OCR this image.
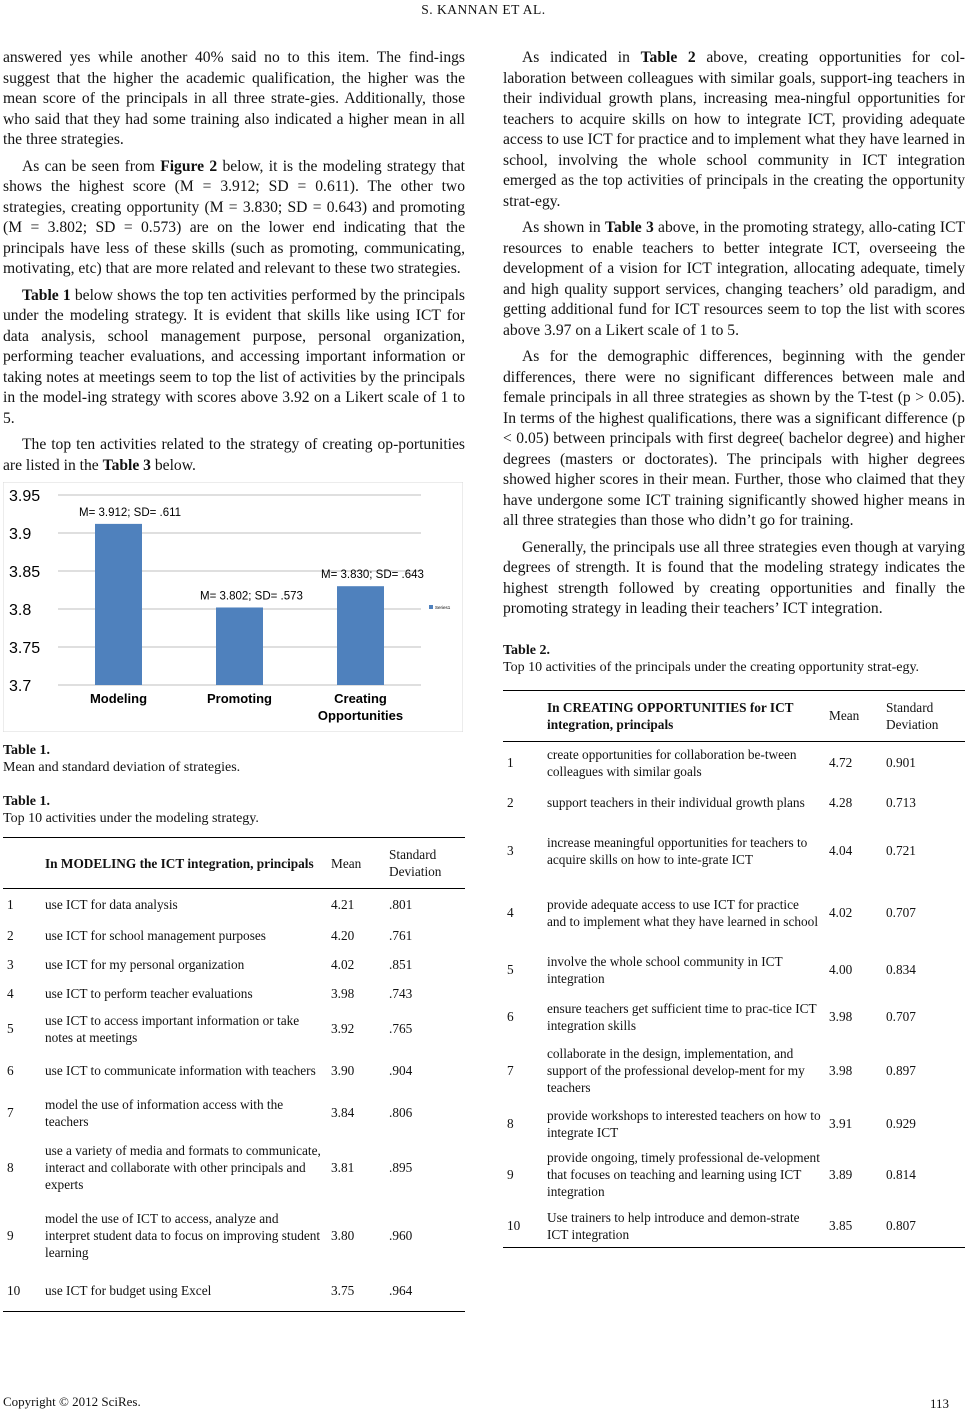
S. KANNAN ET AL.

answered yes while another 40% said no to this item. The find-ings suggest that the higher the academic qualification, the higher was the mean score of the principals in all three strate-gies. Additionally, those who said that they had some training also indicated a higher mean in all the three strategies.

As can be seen from Figure 2 below, it is the modeling strategy that shows the highest score (M = 3.912; SD = 0.611). The other two strategies, creating opportunity (M = 3.830; SD = 0.643) and promoting (M = 3.802; SD = 0.573) are on the lower end indicating that the principals have less of these skills (such as promoting, communicating, motivating, etc) that are more related and relevant to these two strategies.

Table 1 below shows the top ten activities performed by the principals under the modeling strategy. It is evident that skills like using ICT for data analysis, school management purpose, personal organization, performing teacher evaluations, and accessing important information or taking notes at meetings seem to top the list of activities by the principals in the model-ing strategy with scores above 3.92 on a Likert scale of 1 to 5.

The top ten activities related to the strategy of creating op-portunities are listed in the Table 3 below.

3.95
3.9
3.85
3.8
3.75
3.7
M= 3.912; SD= .611
Modeling
M= 3.802; SD= .573
Promoting
M= 3.830; SD= .643
Creating
Opportunities
Series1
Table 1.
Mean and standard deviation of strategies.
Table 1.
Top 10 activities under the modeling strategy.
	In MODELING the ICT integration, principals	Mean	Standard Deviation
1	use ICT for data analysis	4.21	.801
2	use ICT for school management purposes	4.20	.761
3	use ICT for my personal organization	4.02	.851
4	use ICT to perform teacher evaluations	3.98	.743
5	use ICT to access important information or take notes at meetings	3.92	.765
6	use ICT to communicate information with teachers	3.90	.904
7	model the use of information access with the teachers	3.84	.806
8	use a variety of media and formats to communicate, interact and collaborate with other principals and experts	3.81	.895
9	model the use of ICT to access, analyze and interpret student data to focus on improving student learning	3.80	.960
10	use ICT for budget using Excel	3.75	.964

As indicated in Table 2 above, creating opportunities for col-laboration between colleagues with similar goals, support-ing teachers in their individual growth plans, increasing mea-ningful opportunities for teachers to acquire skills on how to integrate ICT, providing adequate access to use ICT for practice and to implement what they have learned in school, involving the whole school community in ICT integration emerged as the top activities of principals in the creating the opportunity strat-egy.

As shown in Table 3 above, in the promoting strategy, allo-cating ICT resources to enable teachers to better integrate ICT, overseeing the development of a vision for ICT integration, allocating adequate, timely and high quality support services, changing teachers’ old paradigm, and getting additional fund for ICT resources seem to top the list with scores above 3.97 on a Likert scale of 1 to 5.

As for the demographic differences, beginning with the gender differences, there were no significant differences between male and female principals in all three strategies as shown by the T-test (p > 0.05). In terms of the highest qualifications, there was a significant difference (p < 0.05) between principals with first degree( bachelor degree) and higher degrees (masters or doctorates). The principals with higher degrees showed higher scores in their mean. Further, those who claimed that they have undergone some ICT training significantly showed higher means in all three strategies than those who didn’t go for training.

Generally, the principals use all three strategies even though at varying degrees of strength. It is found that the modeling strategy indicates the highest strength followed by creating opportunities and finally the promoting strategy in leading their teachers’ ICT integration.

Table 2.
Top 10 activities of the principals under the creating opportunity strat-egy.
	In CREATING OPPORTUNITIES for ICT integration, principals	Mean	Standard Deviation
1	create opportunities for collaboration be-tween colleagues with similar goals	4.72	0.901
2	support teachers in their individual growth plans	4.28	0.713
3	increase meaningful opportunities for teachers to acquire skills on how to inte-grate ICT	4.04	0.721
4	provide adequate access to use ICT for practice and to implement what they have learned in school	4.02	0.707
5	involve the whole school community in ICT integration	4.00	0.834
6	ensure teachers get sufficient time to prac-tice ICT integration skills	3.98	0.707
7	collaborate in the design, implementation, and support of the professional develop-ment for my teachers	3.98	0.897
8	provide workshops to interested teachers on how to integrate ICT	3.91	0.929
9	provide ongoing, timely professional de-velopment that focuses on teaching and learning using ICT integration	3.89	0.814
10	Use trainers to help introduce and demon-strate ICT integration	3.85	0.807
Copyright © 2012 SciRes.	113
